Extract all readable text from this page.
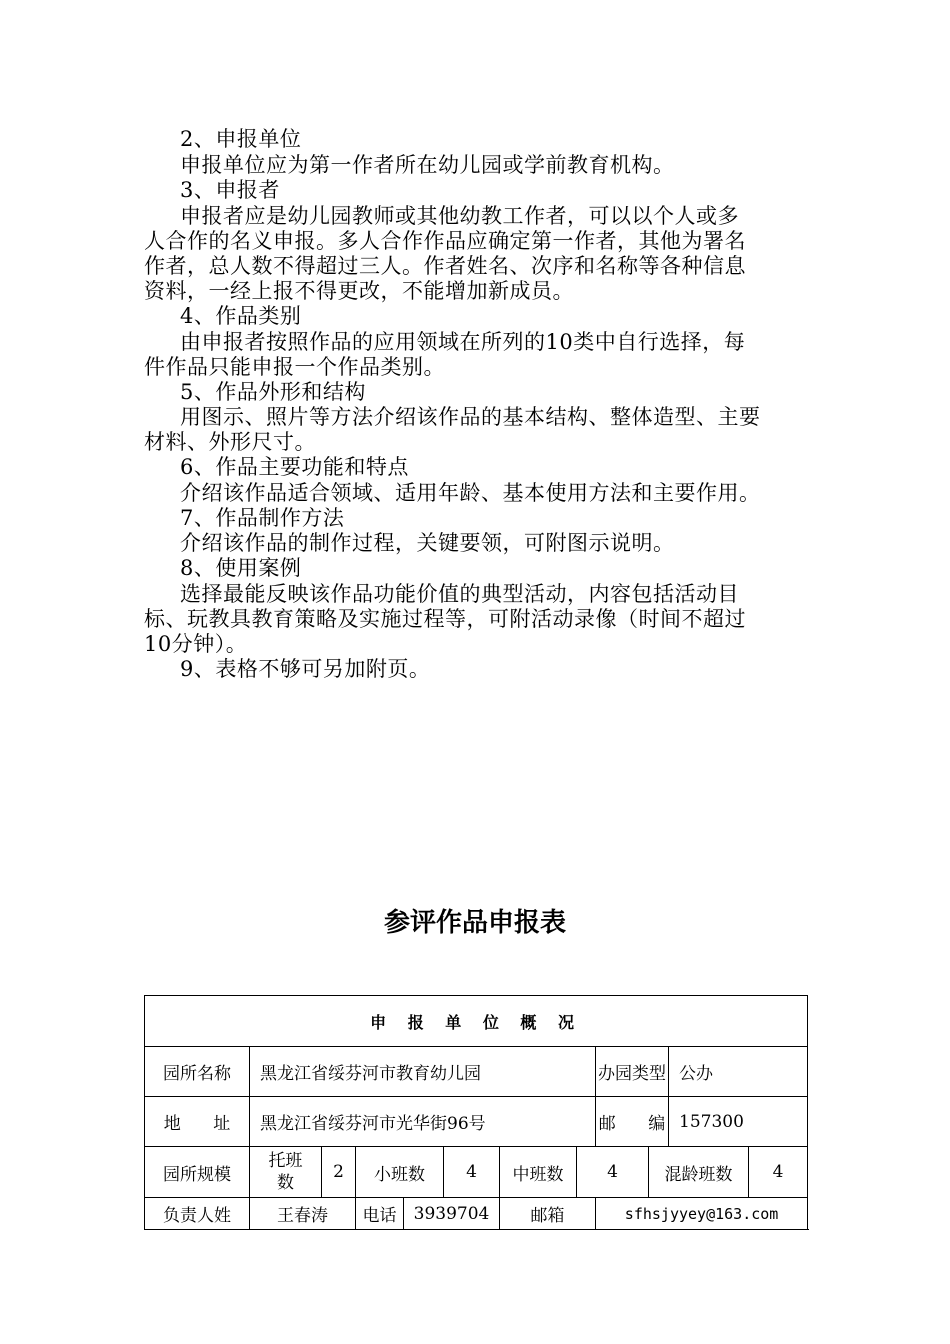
2、申报单位
申报单位应为第一作者所在幼儿园或学前教育机构。
3、申报者
申报者应是幼儿园教师或其他幼教工作者，可以以个人或多
人合作的名义申报。多人合作作品应确定第一作者，其他为署名
作者，总人数不得超过三人。作者姓名、次序和名称等各种信息
资料，一经上报不得更改，不能增加新成员。
4、作品类别
由申报者按照作品的应用领域在所列的10类中自行选择，每
件作品只能申报一个作品类别。
5、作品外形和结构
用图示、照片等方法介绍该作品的基本结构、整体造型、主要
材料、外形尺寸。
6、作品主要功能和特点
介绍该作品适合领域、适用年龄、基本使用方法和主要作用。
7、作品制作方法
介绍该作品的制作过程，关键要领，可附图示说明。
8、使用案例
选择最能反映该作品功能价值的典型活动，内容包括活动目
标、玩教具教育策略及实施过程等，可附活动录像（时间不超过
10分钟）。
9、表格不够可另加附页。
参评作品申报表
申 报 单 位 概 况											
园所名称	黑龙江省绥芬河市教育幼儿园							办园类型		公办	
地      址	黑龙江省绥芬河市光华街96号							邮      编		157300	
园所规模	托班数	2	小班数		4	中班数	4		混龄班数		4
负责人姓	王春涛		电话	3939704		邮箱		sfhsjyyey@163.com			
